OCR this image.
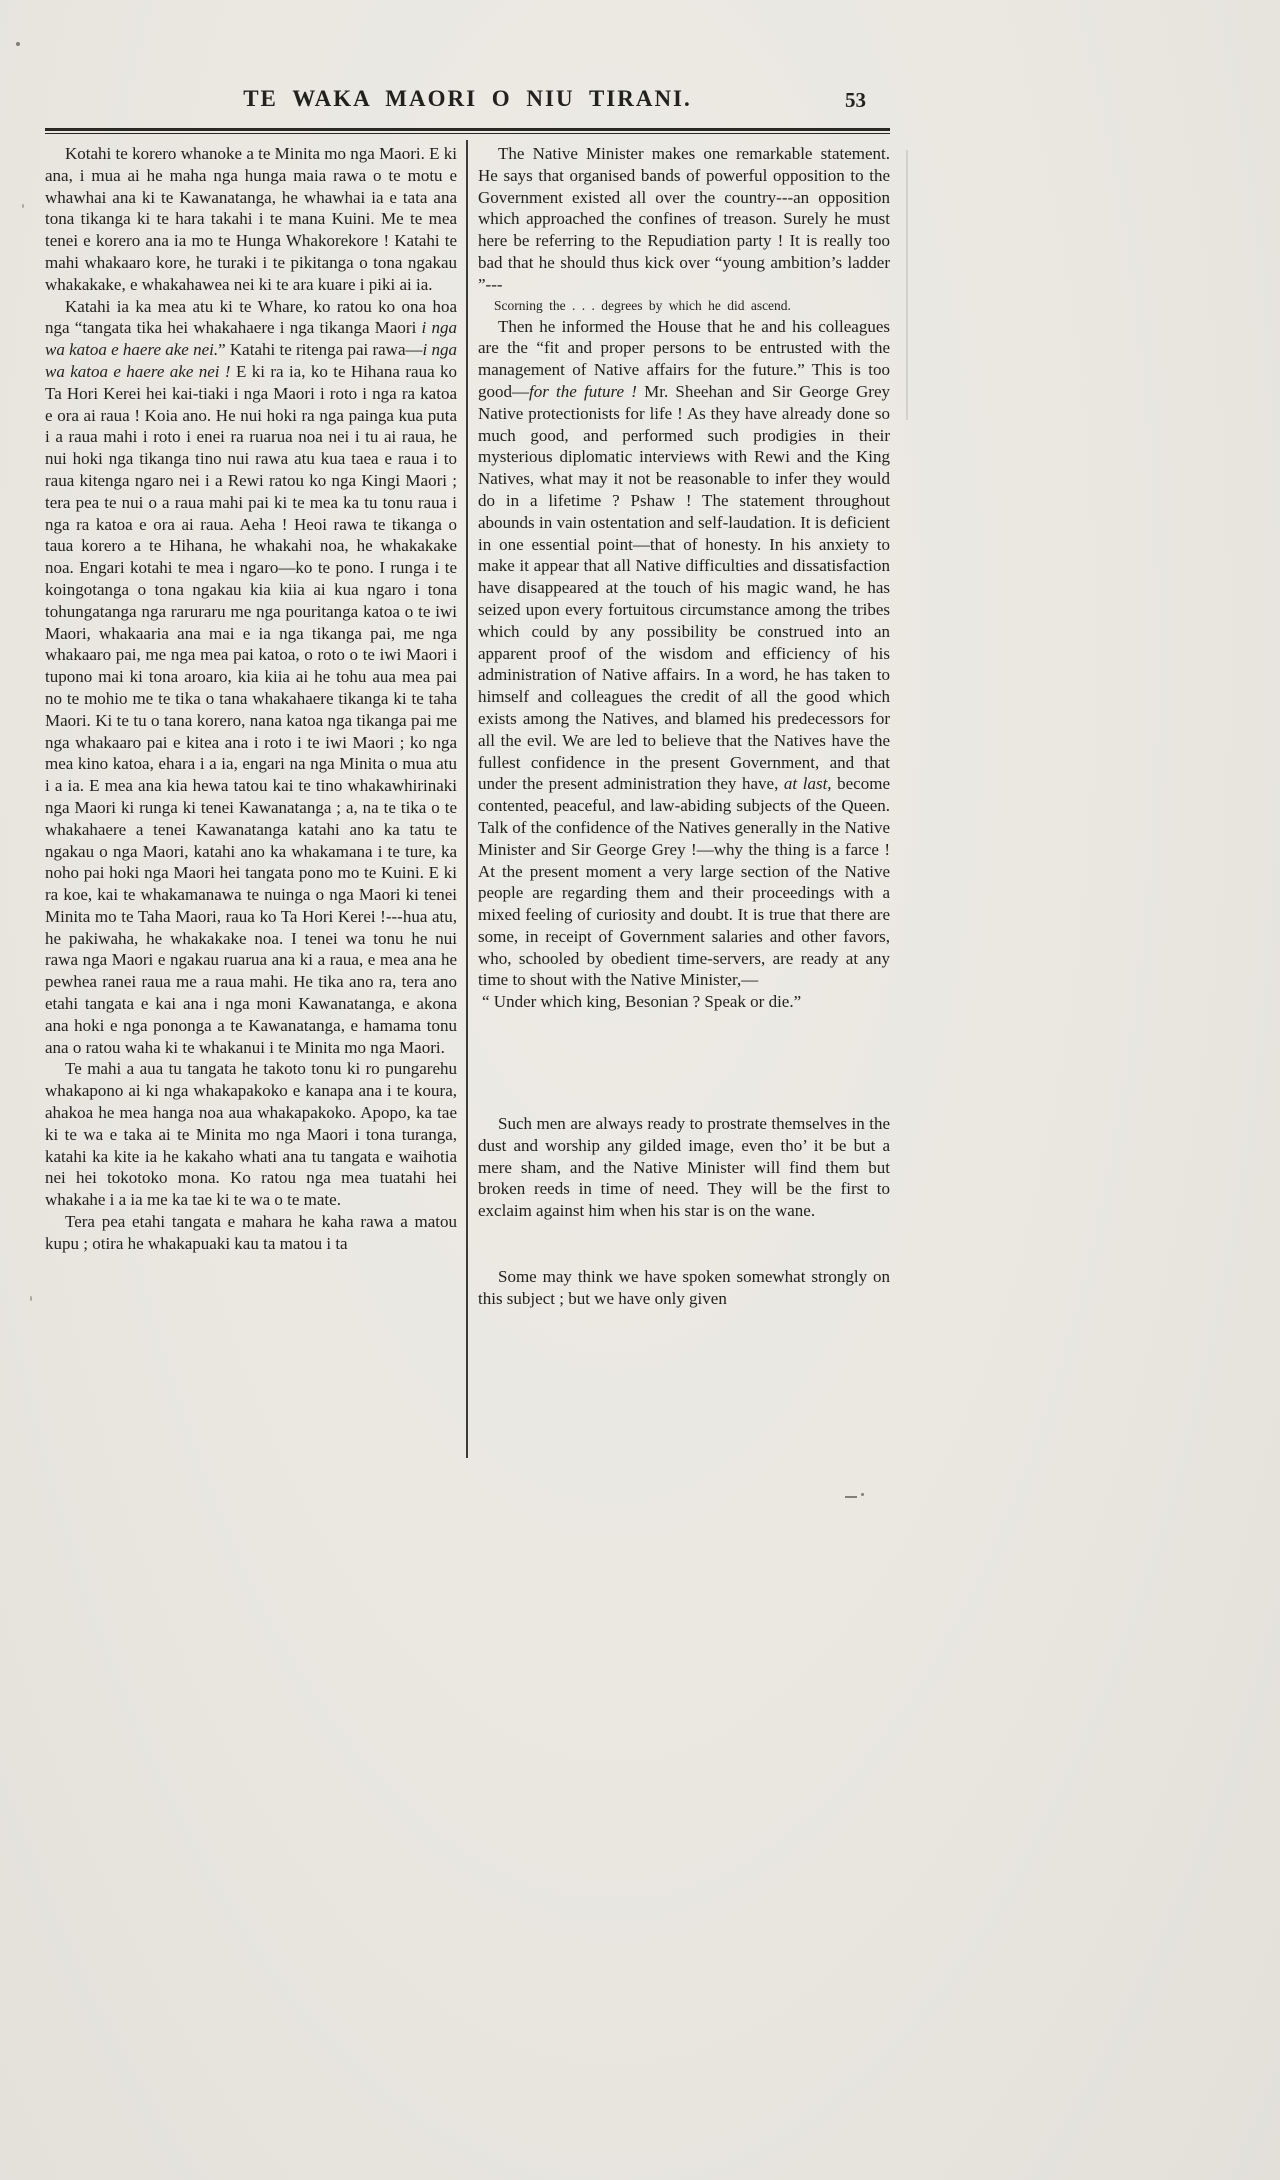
TE WAKA MAORI O NIU TIRANI.	53

Kotahi te korero whanoke a te Minita mo nga Maori. E ki ana, i mua ai he maha nga hunga maia rawa o te motu e whawhai ana ki te Kawanatanga, he whawhai ia e tata ana tona tikanga ki te hara takahi i te mana Kuini. Me te mea tenei e korero ana ia mo te Hunga Whakorekore ! Katahi te mahi whakaaro kore, he turaki i te pikitanga o tona ngakau whakakake, e whakahawea nei ki te ara kuare i piki ai ia.

Katahi ia ka mea atu ki te Whare, ko ratou ko ona hoa nga “tangata tika hei whakahaere i nga tikanga Maori i nga wa katoa e haere ake nei.” Katahi te ritenga pai rawa—i nga wa katoa e haere ake nei ! E ki ra ia, ko te Hihana raua ko Ta Hori Kerei hei kai-tiaki i nga Maori i roto i nga ra katoa e ora ai raua ! Koia ano. He nui hoki ra nga painga kua puta i a raua mahi i roto i enei ra ruarua noa nei i tu ai raua, he nui hoki nga tikanga tino nui rawa atu kua taea e raua i to raua kitenga ngaro nei i a Rewi ratou ko nga Kingi Maori ; tera pea te nui o a raua mahi pai ki te mea ka tu tonu raua i nga ra katoa e ora ai raua. Aeha ! Heoi rawa te tikanga o taua korero a te Hihana, he whakahi noa, he whakakake noa. Engari kotahi te mea i ngaro—ko te pono. I runga i te koingotanga o tona ngakau kia kiia ai kua ngaro i tona tohungatanga nga raruraru me nga pouritanga katoa o te iwi Maori, whakaaria ana mai e ia nga tikanga pai, me nga whakaaro pai, me nga mea pai katoa, o roto o te iwi Maori i tupono mai ki tona aroaro, kia kiia ai he tohu aua mea pai no te mohio me te tika o tana whakahaere tikanga ki te taha Maori. Ki te tu o tana korero, nana katoa nga tikanga pai me nga whakaaro pai e kitea ana i roto i te iwi Maori ; ko nga mea kino katoa, ehara i a ia, engari na nga Minita o mua atu i a ia. E mea ana kia hewa tatou kai te tino whakawhirinaki nga Maori ki runga ki tenei Kawanatanga ; a, na te tika o te whakahaere a tenei Kawanatanga katahi ano ka tatu te ngakau o nga Maori, katahi ano ka whakamana i te ture, ka noho pai hoki nga Maori hei tangata pono mo te Kuini. E ki ra koe, kai te whakamanawa te nuinga o nga Maori ki tenei Minita mo te Taha Maori, raua ko Ta Hori Kerei !---hua atu, he pakiwaha, he whakakake noa. I tenei wa tonu he nui rawa nga Maori e ngakau ruarua ana ki a raua, e mea ana he pewhea ranei raua me a raua mahi. He tika ano ra, tera ano etahi tangata e kai ana i nga moni Kawanatanga, e akona ana hoki e nga pononga a te Kawanatanga, e hamama tonu ana o ratou waha ki te whakanui i te Minita mo nga Maori.

Te mahi a aua tu tangata he takoto tonu ki ro pungarehu whakapono ai ki nga whakapakoko e kanapa ana i te koura, ahakoa he mea hanga noa aua whakapakoko. Apopo, ka tae ki te wa e taka ai te Minita mo nga Maori i tona turanga, katahi ka kite ia he kakaho whati ana tu tangata e waihotia nei hei tokotoko mona. Ko ratou nga mea tuatahi hei whakahe i a ia me ka tae ki te wa o te mate.

Tera pea etahi tangata e mahara he kaha rawa a matou kupu ; otira he whakapuaki kau ta matou i ta

The Native Minister makes one remarkable statement. He says that organised bands of powerful opposition to the Government existed all over the country---an opposition which approached the confines of treason. Surely he must here be referring to the Repudiation party ! It is really too bad that he should thus kick over “young ambition’s ladder ”---

Scorning the . . . degrees by which he did ascend.

Then he informed the House that he and his colleagues are the “fit and proper persons to be entrusted with the management of Native affairs for the future.” This is too good—for the future ! Mr. Sheehan and Sir George Grey Native protectionists for life ! As they have already done so much good, and performed such prodigies in their mysterious diplomatic interviews with Rewi and the King Natives, what may it not be reasonable to infer they would do in a lifetime ? Pshaw ! The statement throughout abounds in vain ostentation and self-laudation. It is deficient in one essential point—that of honesty. In his anxiety to make it appear that all Native difficulties and dissatisfaction have disappeared at the touch of his magic wand, he has seized upon every fortuitous circumstance among the tribes which could by any possibility be construed into an apparent proof of the wisdom and efficiency of his administration of Native affairs. In a word, he has taken to himself and colleagues the credit of all the good which exists among the Natives, and blamed his predecessors for all the evil. We are led to believe that the Natives have the fullest confidence in the present Government, and that under the present administration they have, at last, become contented, peaceful, and law-abiding subjects of the Queen. Talk of the confidence of the Natives generally in the Native Minister and Sir George Grey !—why the thing is a farce ! At the present moment a very large section of the Native people are regarding them and their proceedings with a mixed feeling of curiosity and doubt. It is true that there are some, in receipt of Government salaries and other favors, who, schooled by obedient time-servers, are ready at any time to shout with the Native Minister,—

“ Under which king, Besonian ? Speak or die.”

Such men are always ready to prostrate themselves in the dust and worship any gilded image, even tho’ it be but a mere sham, and the Native Minister will find them but broken reeds in time of need. They will be the first to exclaim against him when his star is on the wane.

Some may think we have spoken somewhat strongly on this subject ; but we have only given
